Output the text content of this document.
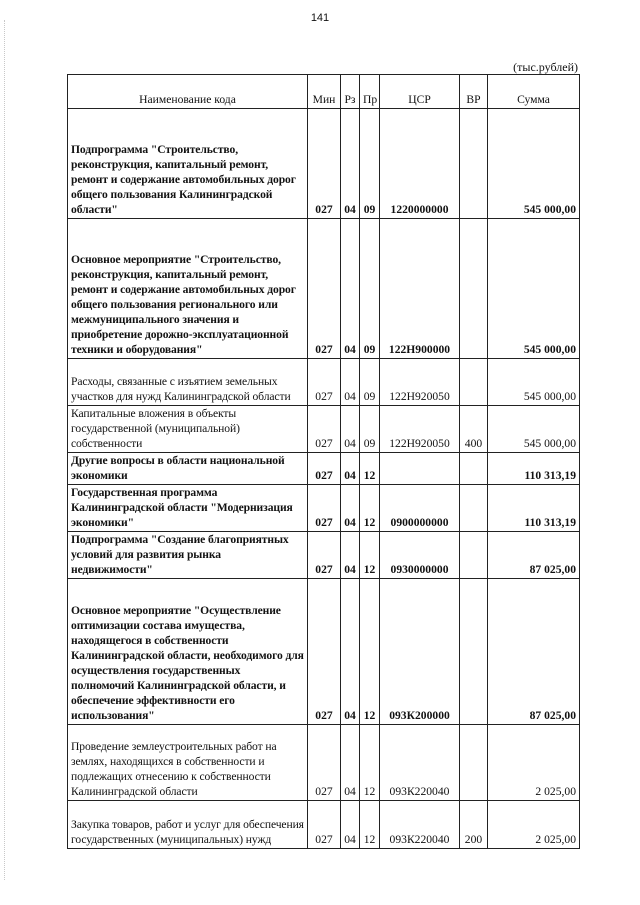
141
(тыс.рублей)
Наименование кода	Мин	Рз	Пр	ЦСР	ВР	Сумма
Подпрограмма "Строительство, реконструкция, капитальный ремонт, ремонт и содержание автомобильных дорог общего пользования Калининградской области"	027	04	09	1220000000		545 000,00
Основное мероприятие "Строительство, реконструкция, капитальный ремонт, ремонт и содержание автомобильных дорог общего пользования регионального или межмуниципального значения и приобретение дорожно-эксплуатационной техники и оборудования"	027	04	09	122Н900000		545 000,00
Расходы, связанные с изъятием земельных участков для нужд Калининградской области	027	04	09	122Н920050		545 000,00
Капитальные вложения в объекты государственной (муниципальной) собственности	027	04	09	122Н920050	400	545 000,00
Другие вопросы в области национальной экономики	027	04	12			110 313,19
Государственная программа Калининградской области "Модернизация экономики"	027	04	12	0900000000		110 313,19
Подпрограмма "Создание благоприятных условий для развития рынка недвижимости"	027	04	12	0930000000		87 025,00
Основное мероприятие "Осуществление оптимизации состава имущества, находящегося в собственности Калининградской области, необходимого для осуществления государственных полномочий Калининградской области, и обеспечение эффективности его использования"	027	04	12	093К200000		87 025,00
Проведение землеустроительных работ на землях, находящихся в собственности и подлежащих отнесению к собственности Калининградской области	027	04	12	093К220040		2 025,00
Закупка товаров, работ и услуг для обеспечения государственных (муниципальных) нужд	027	04	12	093К220040	200	2 025,00
